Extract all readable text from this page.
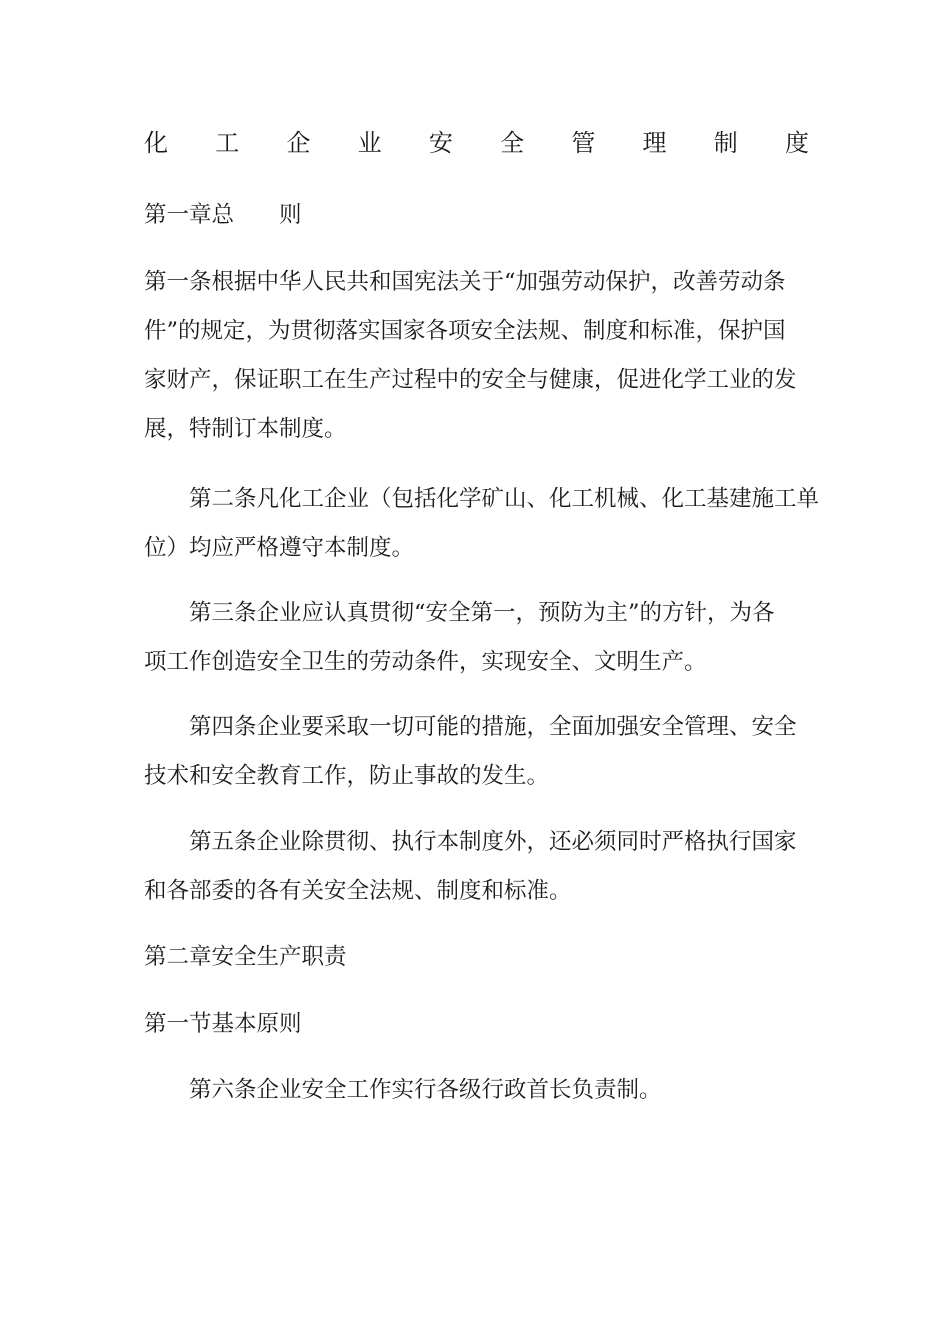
化 工 企 业 安 全 管 理 制 度
第一章总　　则

第一条根据中华人民共和国宪法关于“加强劳动保护，改善劳动条

件”的规定，为贯彻落实国家各项安全法规、制度和标准，保护国

家财产，保证职工在生产过程中的安全与健康，促进化学工业的发

展，特制订本制度。

　　第二条凡化工企业（包括化学矿山、化工机械、化工基建施工单

位）均应严格遵守本制度。

　　第三条企业应认真贯彻“安全第一，预防为主”的方针，为各

项工作创造安全卫生的劳动条件，实现安全、文明生产。

　　第四条企业要采取一切可能的措施，全面加强安全管理、安全

技术和安全教育工作，防止事故的发生。

　　第五条企业除贯彻、执行本制度外，还必须同时严格执行国家

和各部委的各有关安全法规、制度和标准。

第二章安全生产职责

第一节基本原则

　　第六条企业安全工作实行各级行政首长负责制。
